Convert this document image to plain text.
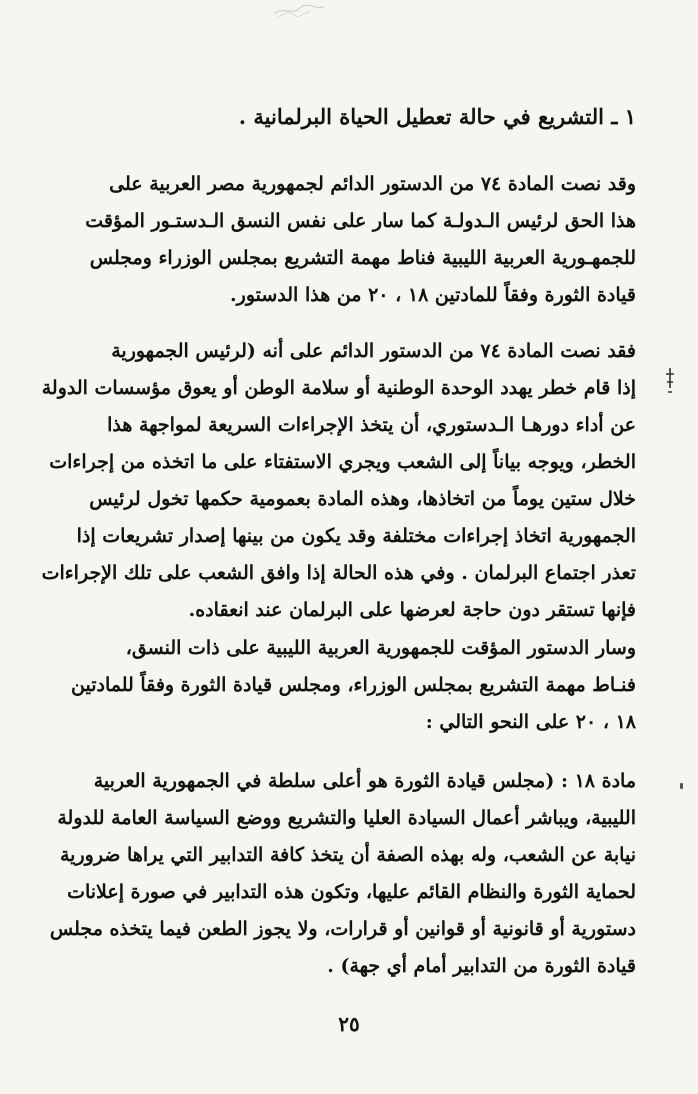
١ ـ التشريع في حالة تعطيل الحياة البرلمانية .

وقد نصت المادة ٧٤ من الدستور الدائم لجمهورية مصر العربية على
هذا الحق لرئيس الـدولـة كما سار على نفس النسق الـدستـور المؤقت
للجمهـورية العربية الليبية فناط مهمة التشريع بمجلس الوزراء ومجلس
قيادة الثورة وفقاً للمادتين ١٨ ، ٢٠ من هذا الدستور.
فقد نصت المادة ٧٤ من الدستور الدائم على أنه (لرئيس الجمهورية
إذا قام خطر يهدد الوحدة الوطنية أو سلامة الوطن أو يعوق مؤسسات الدولة
عن أداء دورهـا الـدستوري، أن يتخذ الإجراءات السريعة لمواجهة هذا
الخطر، ويوجه بياناً إلى الشعب ويجري الاستفتاء على ما اتخذه من إجراءات
خلال ستين يوماً من اتخاذها، وهذه المادة بعمومية حكمها تخول لرئيس
الجمهورية اتخاذ إجراءات مختلفة وقد يكون من بينها إصدار تشريعات إذا
تعذر اجتماع البرلمان . وفي هذه الحالة إذا وافق الشعب على تلك الإجراءات
فإنها تستقر دون حاجة لعرضها على البرلمان عند انعقاده.
وسار الدستور المؤقت للجمهورية العربية الليبية على ذات النسق،
فنـاط مهمة التشريع بمجلس الوزراء، ومجلس قيادة الثورة وفقاً للمادتين
١٨ ، ٢٠ على النحو التالي :
مادة ١٨ : (مجلس قيادة الثورة هو أعلى سلطة في الجمهورية العربية
الليبية، ويباشر أعمال السيادة العليا والتشريع ووضع السياسة العامة للدولة
نيابة عن الشعب، وله بهذه الصفة أن يتخذ كافة التدابير التي يراها ضرورية
لحماية الثورة والنظام القائم عليها، وتكون هذه التدابير في صورة إعلانات
دستورية أو قانونية أو قوانين أو قرارات، ولا يجوز الطعن فيما يتخذه مجلس
قيادة الثورة من التدابير أمام أي جهة) .
٢٥
